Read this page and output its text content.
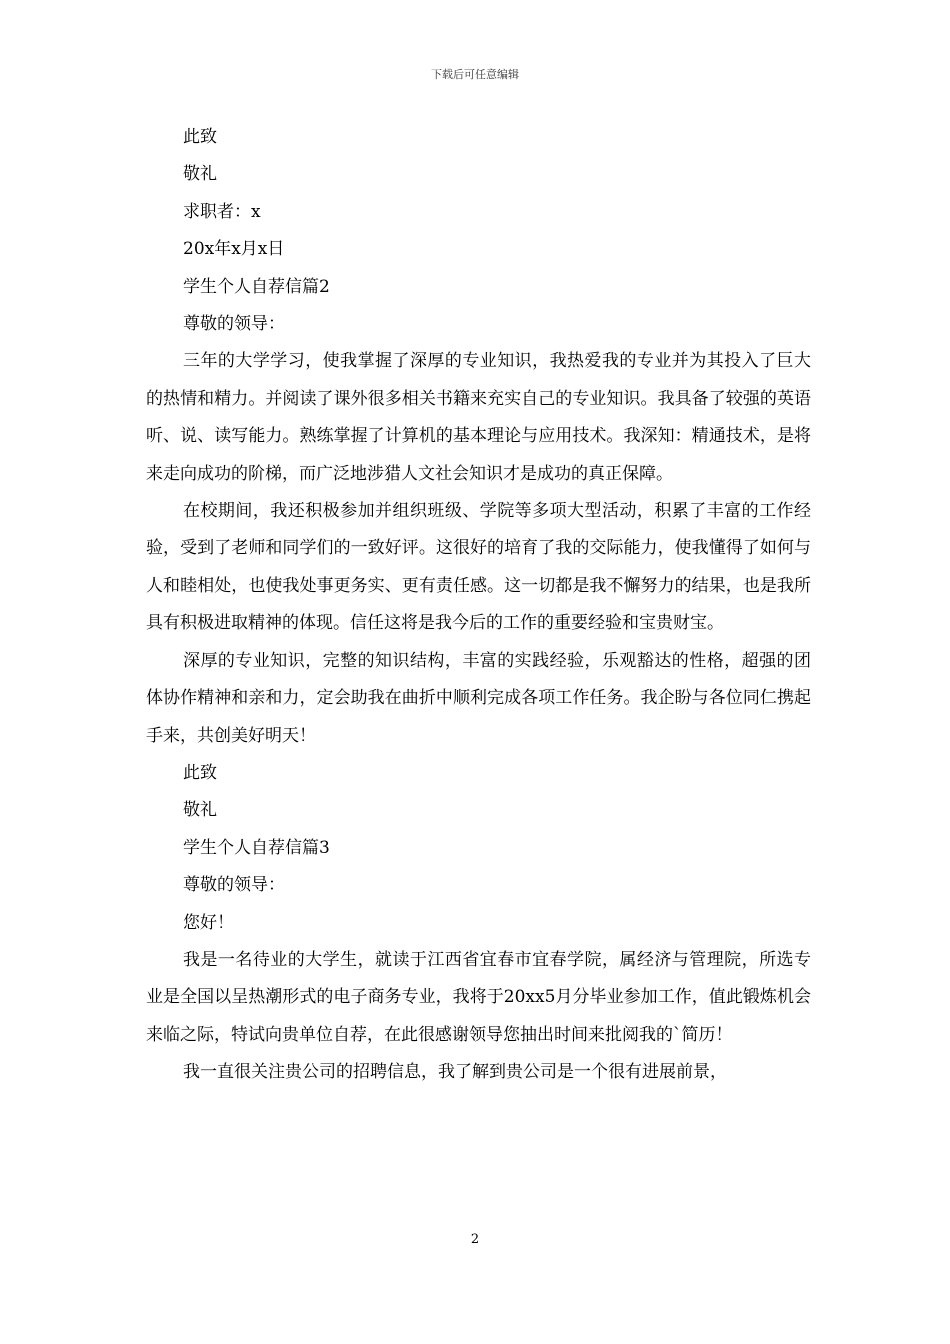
下载后可任意编辑
此致
敬礼
求职者：x
20x年x月x日
学生个人自荐信篇2
尊敬的领导：

三年的大学学习，使我掌握了深厚的专业知识，我热爱我的专业并为其投入了巨大的热情和精力。并阅读了课外很多相关书籍来充实自己的专业知识。我具备了较强的英语听、说、读写能力。熟练掌握了计算机的基本理论与应用技术。我深知：精通技术，是将来走向成功的阶梯，而广泛地涉猎人文社会知识才是成功的真正保障。

在校期间，我还积极参加并组织班级、学院等多项大型活动，积累了丰富的工作经验，受到了老师和同学们的一致好评。这很好的培育了我的交际能力，使我懂得了如何与人和睦相处，也使我处事更务实、更有责任感。这一切都是我不懈努力的结果，也是我所具有积极进取精神的体现。信任这将是我今后的工作的重要经验和宝贵财宝。

深厚的专业知识，完整的知识结构，丰富的实践经验，乐观豁达的性格，超强的团体协作精神和亲和力，定会助我在曲折中顺利完成各项工作任务。我企盼与各位同仁携起手来，共创美好明天！

此致
敬礼
学生个人自荐信篇3
尊敬的领导：
您好！

我是一名待业的大学生，就读于江西省宜春市宜春学院，属经济与管理院，所选专业是全国以呈热潮形式的电子商务专业，我将于20xx5月分毕业参加工作，值此锻炼机会来临之际，特试向贵单位自荐，在此很感谢领导您抽出时间来批阅我的`简历！

我一直很关注贵公司的招聘信息，我了解到贵公司是一个很有进展前景，

2
